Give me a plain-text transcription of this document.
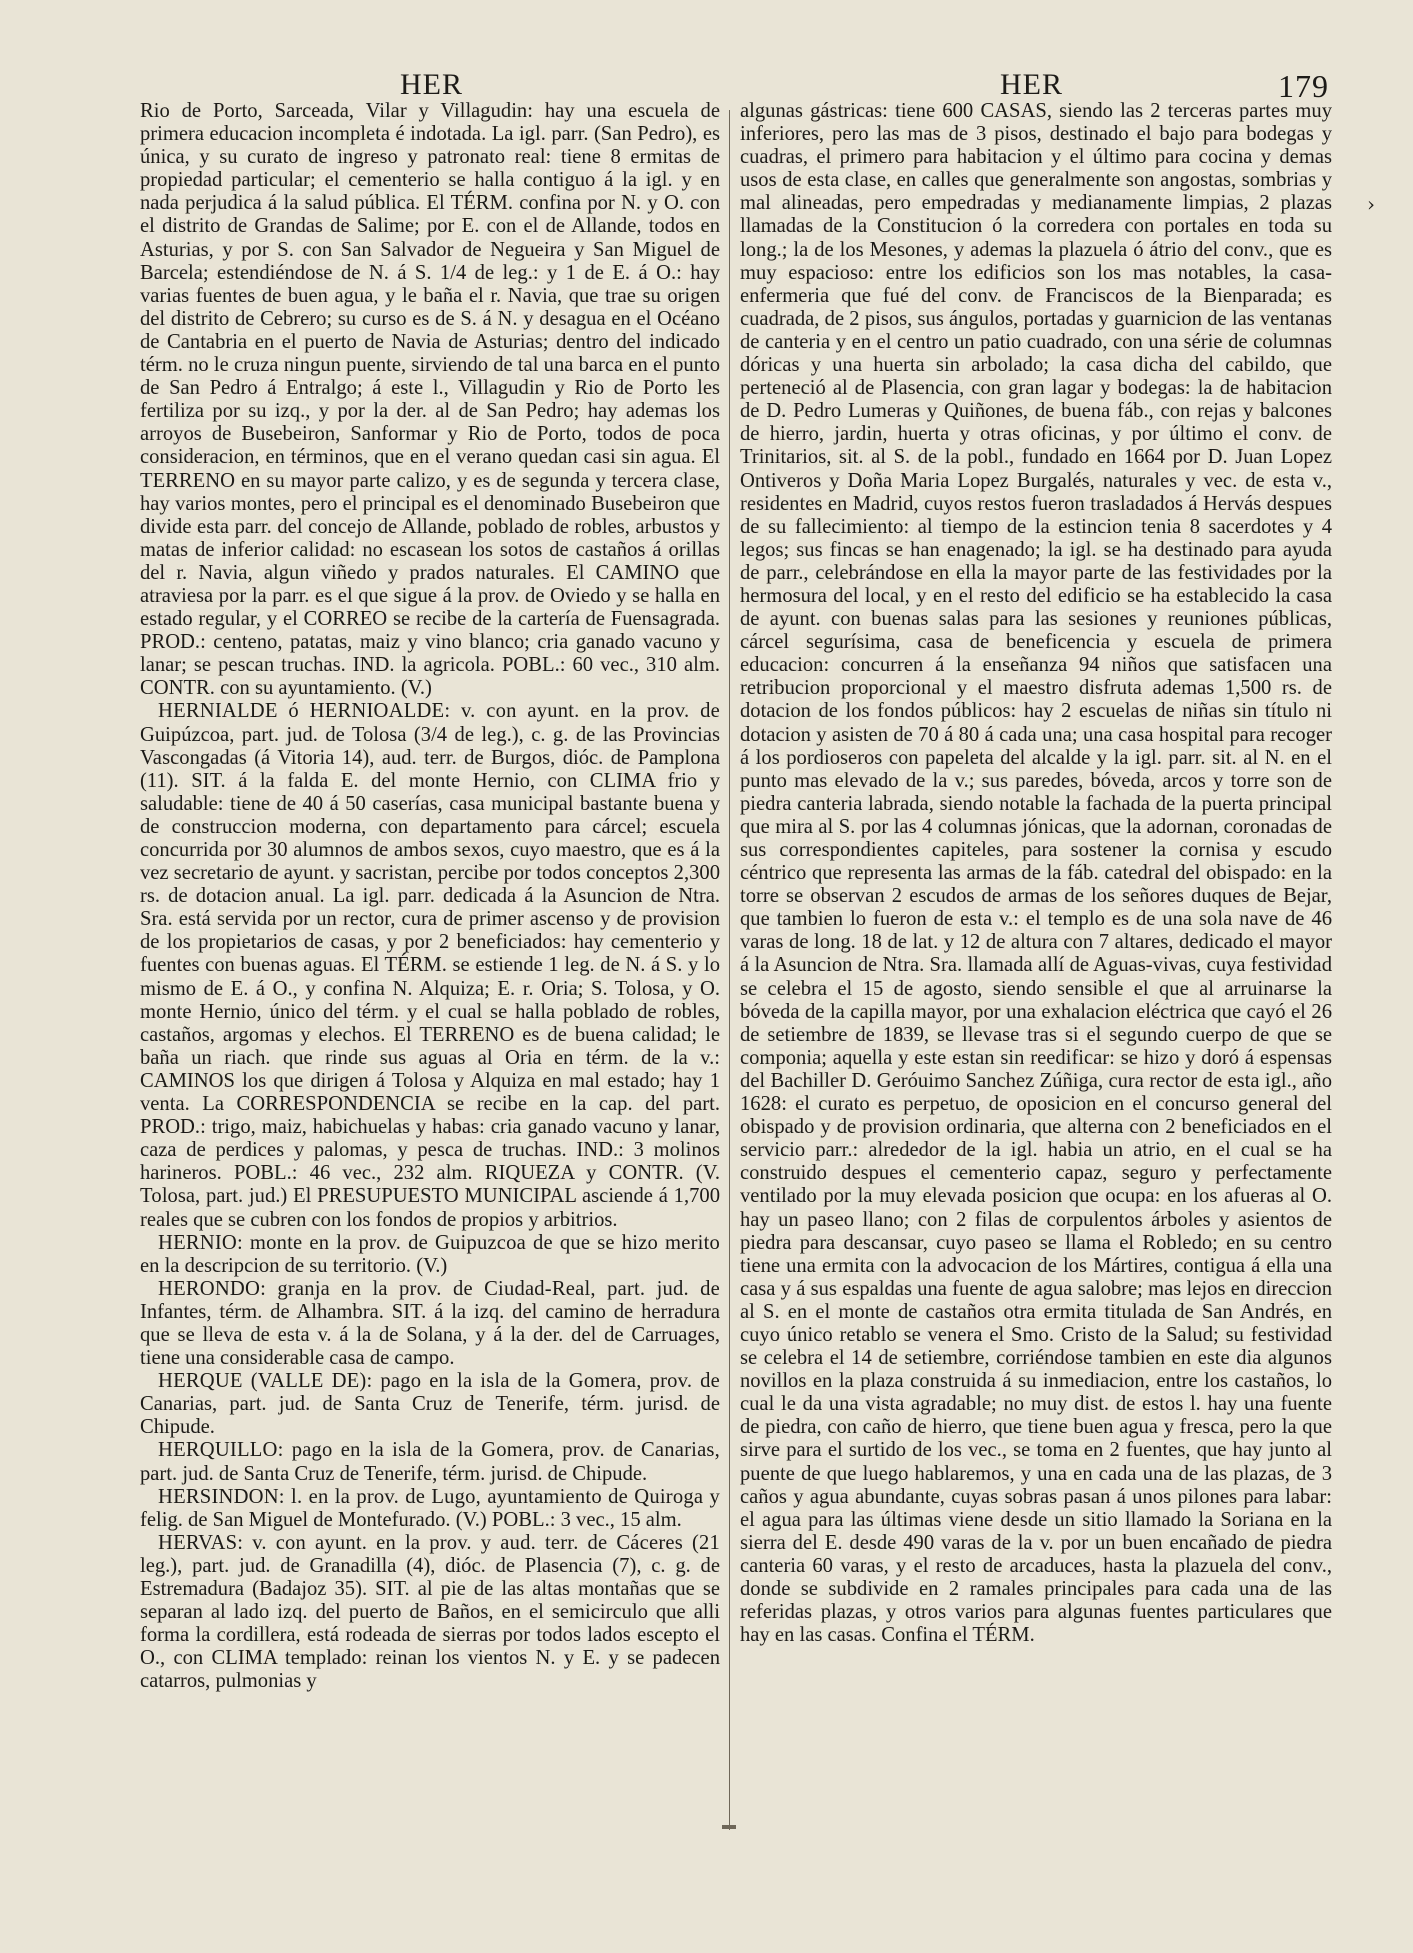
HER	HER	179

Rio de Porto, Sarceada, Vilar y Villagudin: hay una escuela de primera educacion incompleta é indotada. La igl. parr. (San Pedro), es única, y su curato de ingreso y patronato real: tiene 8 ermitas de propiedad particular; el cementerio se halla contiguo á la igl. y en nada perjudica á la salud pública. El TÉRM. confina por N. y O. con el distrito de Grandas de Salime; por E. con el de Allande, todos en Asturias, y por S. con San Salvador de Negueira y San Miguel de Barcela; estendiéndose de N. á S. 1/4 de leg.: y 1 de E. á O.: hay varias fuentes de buen agua, y le baña el r. Navia, que trae su origen del distrito de Cebrero; su curso es de S. á N. y desagua en el Océano de Cantabria en el puerto de Navia de Asturias; dentro del indicado térm. no le cruza ningun puente, sirviendo de tal una barca en el punto de San Pedro á Entralgo; á este l., Villagudin y Rio de Porto les fertiliza por su izq., y por la der. al de San Pedro; hay ademas los arroyos de Busebeiron, Sanformar y Rio de Porto, todos de poca consideracion, en términos, que en el verano quedan casi sin agua. El TERRENO en su mayor parte calizo, y es de segunda y tercera clase, hay varios montes, pero el principal es el denominado Busebeiron que divide esta parr. del concejo de Allande, poblado de robles, arbustos y matas de inferior calidad: no escasean los sotos de castaños á orillas del r. Navia, algun viñedo y prados naturales. El CAMINO que atraviesa por la parr. es el que sigue á la prov. de Oviedo y se halla en estado regular, y el CORREO se recibe de la cartería de Fuensagrada. PROD.: centeno, patatas, maiz y vino blanco; cria ganado vacuno y lanar; se pescan truchas. IND. la agricola. POBL.: 60 vec., 310 alm. CONTR. con su ayuntamiento. (V.)

HERNIALDE ó HERNIOALDE: v. con ayunt. en la prov. de Guipúzcoa, part. jud. de Tolosa (3/4 de leg.), c. g. de las Provincias Vascongadas (á Vitoria 14), aud. terr. de Burgos, dióc. de Pamplona (11). SIT. á la falda E. del monte Hernio, con CLIMA frio y saludable: tiene de 40 á 50 caserías, casa municipal bastante buena y de construccion moderna, con departamento para cárcel; escuela concurrida por 30 alumnos de ambos sexos, cuyo maestro, que es á la vez secretario de ayunt. y sacristan, percibe por todos conceptos 2,300 rs. de dotacion anual. La igl. parr. dedicada á la Asuncion de Ntra. Sra. está servida por un rector, cura de primer ascenso y de provision de los propietarios de casas, y por 2 beneficiados: hay cementerio y fuentes con buenas aguas. El TÉRM. se estiende 1 leg. de N. á S. y lo mismo de E. á O., y confina N. Alquiza; E. r. Oria; S. Tolosa, y O. monte Hernio, único del térm. y el cual se halla poblado de robles, castaños, argomas y elechos. El TERRENO es de buena calidad; le baña un riach. que rinde sus aguas al Oria en térm. de la v.: CAMINOS los que dirigen á Tolosa y Alquiza en mal estado; hay 1 venta. La CORRESPONDENCIA se recibe en la cap. del part. PROD.: trigo, maiz, habichuelas y habas: cria ganado vacuno y lanar, caza de perdices y palomas, y pesca de truchas. IND.: 3 molinos harineros. POBL.: 46 vec., 232 alm. RIQUEZA y CONTR. (V. Tolosa, part. jud.) El PRESUPUESTO MUNICIPAL asciende á 1,700 reales que se cubren con los fondos de propios y arbitrios.

HERNIO: monte en la prov. de Guipuzcoa de que se hizo merito en la descripcion de su territorio. (V.)

HERONDO: granja en la prov. de Ciudad-Real, part. jud. de Infantes, térm. de Alhambra. SIT. á la izq. del camino de herradura que se lleva de esta v. á la de Solana, y á la der. del de Carruages, tiene una considerable casa de campo.

HERQUE (VALLE DE): pago en la isla de la Gomera, prov. de Canarias, part. jud. de Santa Cruz de Tenerife, térm. jurisd. de Chipude.

HERQUILLO: pago en la isla de la Gomera, prov. de Canarias, part. jud. de Santa Cruz de Tenerife, térm. jurisd. de Chipude.

HERSINDON: l. en la prov. de Lugo, ayuntamiento de Quiroga y felig. de San Miguel de Montefurado. (V.) POBL.: 3 vec., 15 alm.

HERVAS: v. con ayunt. en la prov. y aud. terr. de Cáceres (21 leg.), part. jud. de Granadilla (4), dióc. de Plasencia (7), c. g. de Estremadura (Badajoz 35). SIT. al pie de las altas montañas que se separan al lado izq. del puerto de Baños, en el semicirculo que alli forma la cordillera, está rodeada de sierras por todos lados escepto el O., con CLIMA templado: reinan los vientos N. y E. y se padecen catarros, pulmonias y

›

algunas gástricas: tiene 600 CASAS, siendo las 2 terceras partes muy inferiores, pero las mas de 3 pisos, destinado el bajo para bodegas y cuadras, el primero para habitacion y el último para cocina y demas usos de esta clase, en calles que generalmente son angostas, sombrias y mal alineadas, pero empedradas y medianamente limpias, 2 plazas llamadas de la Constitucion ó la corredera con portales en toda su long.; la de los Mesones, y ademas la plazuela ó átrio del conv., que es muy espacioso: entre los edificios son los mas notables, la casa-enfermeria que fué del conv. de Franciscos de la Bienparada; es cuadrada, de 2 pisos, sus ángulos, portadas y guarnicion de las ventanas de canteria y en el centro un patio cuadrado, con una série de columnas dóricas y una huerta sin arbolado; la casa dicha del cabildo, que perteneció al de Plasencia, con gran lagar y bodegas: la de habitacion de D. Pedro Lumeras y Quiñones, de buena fáb., con rejas y balcones de hierro, jardin, huerta y otras oficinas, y por último el conv. de Trinitarios, sit. al S. de la pobl., fundado en 1664 por D. Juan Lopez Ontiveros y Doña Maria Lopez Burgalés, naturales y vec. de esta v., residentes en Madrid, cuyos restos fueron trasladados á Hervás despues de su fallecimiento: al tiempo de la estincion tenia 8 sacerdotes y 4 legos; sus fincas se han enagenado; la igl. se ha destinado para ayuda de parr., celebrándose en ella la mayor parte de las festividades por la hermosura del local, y en el resto del edificio se ha establecido la casa de ayunt. con buenas salas para las sesiones y reuniones públicas, cárcel segurísima, casa de beneficencia y escuela de primera educacion: concurren á la enseñanza 94 niños que satisfacen una retribucion proporcional y el maestro disfruta ademas 1,500 rs. de dotacion de los fondos públicos: hay 2 escuelas de niñas sin título ni dotacion y asisten de 70 á 80 á cada una; una casa hospital para recoger á los pordioseros con papeleta del alcalde y la igl. parr. sit. al N. en el punto mas elevado de la v.; sus paredes, bóveda, arcos y torre son de piedra canteria labrada, siendo notable la fachada de la puerta principal que mira al S. por las 4 columnas jónicas, que la adornan, coronadas de sus correspondientes capiteles, para sostener la cornisa y escudo céntrico que representa las armas de la fáb. catedral del obispado: en la torre se observan 2 escudos de armas de los señores duques de Bejar, que tambien lo fueron de esta v.: el templo es de una sola nave de 46 varas de long. 18 de lat. y 12 de altura con 7 altares, dedicado el mayor á la Asuncion de Ntra. Sra. llamada allí de Aguas-vivas, cuya festividad se celebra el 15 de agosto, siendo sensible el que al arruinarse la bóveda de la capilla mayor, por una exhalacion eléctrica que cayó el 26 de setiembre de 1839, se llevase tras si el segundo cuerpo de que se componia; aquella y este estan sin reedificar: se hizo y doró á espensas del Bachiller D. Geróuimo Sanchez Zúñiga, cura rector de esta igl., año 1628: el curato es perpetuo, de oposicion en el concurso general del obispado y de provision ordinaria, que alterna con 2 beneficiados en el servicio parr.: alrededor de la igl. habia un atrio, en el cual se ha construido despues el cementerio capaz, seguro y perfectamente ventilado por la muy elevada posicion que ocupa: en los afueras al O. hay un paseo llano; con 2 filas de corpulentos árboles y asientos de piedra para descansar, cuyo paseo se llama el Robledo; en su centro tiene una ermita con la advocacion de los Mártires, contigua á ella una casa y á sus espaldas una fuente de agua salobre; mas lejos en direccion al S. en el monte de castaños otra ermita titulada de San Andrés, en cuyo único retablo se venera el Smo. Cristo de la Salud; su festividad se celebra el 14 de setiembre, corriéndose tambien en este dia algunos novillos en la plaza construida á su inmediacion, entre los castaños, lo cual le da una vista agradable; no muy dist. de estos l. hay una fuente de piedra, con caño de hierro, que tiene buen agua y fresca, pero la que sirve para el surtido de los vec., se toma en 2 fuentes, que hay junto al puente de que luego hablaremos, y una en cada una de las plazas, de 3 caños y agua abundante, cuyas sobras pasan á unos pilones para labar: el agua para las últimas viene desde un sitio llamado la Soriana en la sierra del E. desde 490 varas de la v. por un buen encañado de piedra canteria 60 varas, y el resto de arcaduces, hasta la plazuela del conv., donde se subdivide en 2 ramales principales para cada una de las referidas plazas, y otros varios para algunas fuentes particulares que hay en las casas. Confina el TÉRM.
